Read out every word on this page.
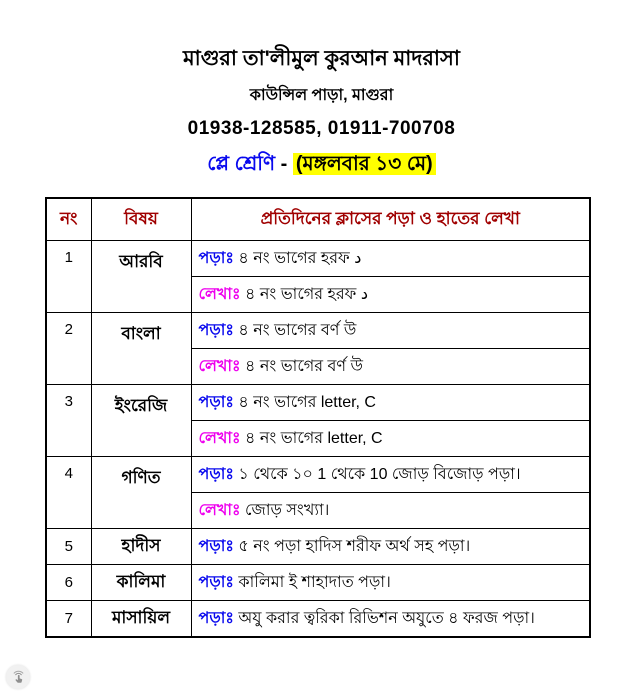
মাগুরা তা'লীমুল কুরআন মাদরাসা
কাউন্সিল পাড়া, মাগুরা
01938-128585, 01911-700708
প্লে শ্রেণি - (মঙ্গলবার ১৩ মে)
নং	বিষয়	প্রতিদিনের ক্লাসের পড়া ও হাতের লেখা
1	আরবি	পড়াঃ ৪ নং ভাগের হরফ د
		লেখাঃ ৪ নং ভাগের হরফ د
2	বাংলা	পড়াঃ ৪ নং ভাগের বর্ণ উ
		লেখাঃ ৪ নং ভাগের বর্ণ উ
3	ইংরেজি	পড়াঃ ৪ নং ভাগের letter, C
		লেখাঃ ৪ নং ভাগের letter, C
4	গণিত	পড়াঃ ১ থেকে ১০ 1 থেকে 10 জোড় বিজোড় পড়া।
		লেখাঃ জোড় সংখ্যা।
5	হাদীস	পড়াঃ ৫ নং পড়া হাদিস শরীফ অর্থ সহ পড়া।
6	কালিমা	পড়াঃ কালিমা ই শাহাদাত পড়া।
7	মাসায়িল	পড়াঃ অযু করার ত্বরিকা রিভিশন অযুতে ৪ ফরজ পড়া।
